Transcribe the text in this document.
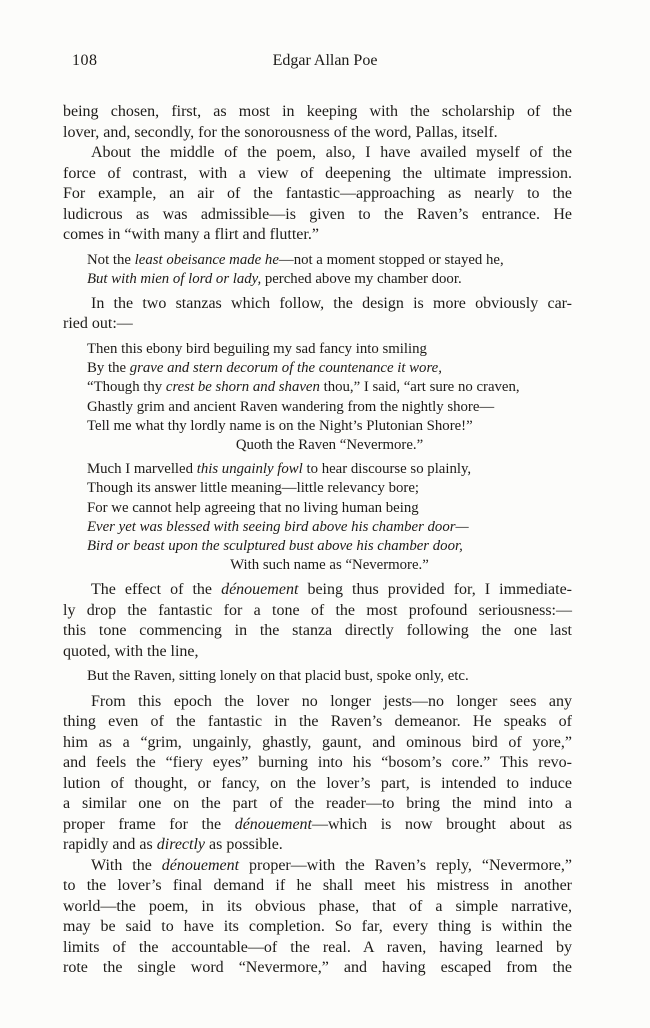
108	Edgar Allan Poe
being chosen, first, as most in keeping with the scholarship of the
lover, and, secondly, for the sonorousness of the word, Pallas, itself.
About the middle of the poem, also, I have availed myself of the
force of contrast, with a view of deepening the ultimate impression.
For example, an air of the fantastic—approaching as nearly to the
ludicrous as was admissible—is given to the Raven’s entrance. He
comes in “with many a flirt and flutter.”
Not the least obeisance made he—not a moment stopped or stayed he,
But with mien of lord or lady, perched above my chamber door.
In the two stanzas which follow, the design is more obviously car-
ried out:—
Then this ebony bird beguiling my sad fancy into smiling
By the grave and stern decorum of the countenance it wore,
“Though thy crest be shorn and shaven thou,” I said, “art sure no craven,
Ghastly grim and ancient Raven wandering from the nightly shore—
Tell me what thy lordly name is on the Night’s Plutonian Shore!”
Quoth the Raven “Nevermore.”
Much I marvelled this ungainly fowl to hear discourse so plainly,
Though its answer little meaning—little relevancy bore;
For we cannot help agreeing that no living human being
Ever yet was blessed with seeing bird above his chamber door—
Bird or beast upon the sculptured bust above his chamber door,
With such name as “Nevermore.”
The effect of the dénouement being thus provided for, I immediate-
ly drop the fantastic for a tone of the most profound seriousness:—
this tone commencing in the stanza directly following the one last
quoted, with the line,
But the Raven, sitting lonely on that placid bust, spoke only, etc.
From this epoch the lover no longer jests—no longer sees any
thing even of the fantastic in the Raven’s demeanor. He speaks of
him as a “grim, ungainly, ghastly, gaunt, and ominous bird of yore,”
and feels the “fiery eyes” burning into his “bosom’s core.” This revo-
lution of thought, or fancy, on the lover’s part, is intended to induce
a similar one on the part of the reader—to bring the mind into a
proper frame for the dénouement—which is now brought about as
rapidly and as directly as possible.
With the dénouement proper—with the Raven’s reply, “Nevermore,”
to the lover’s final demand if he shall meet his mistress in another
world—the poem, in its obvious phase, that of a simple narrative,
may be said to have its completion. So far, every thing is within the
limits of the accountable—of the real. A raven, having learned by
rote the single word “Nevermore,” and having escaped from the
